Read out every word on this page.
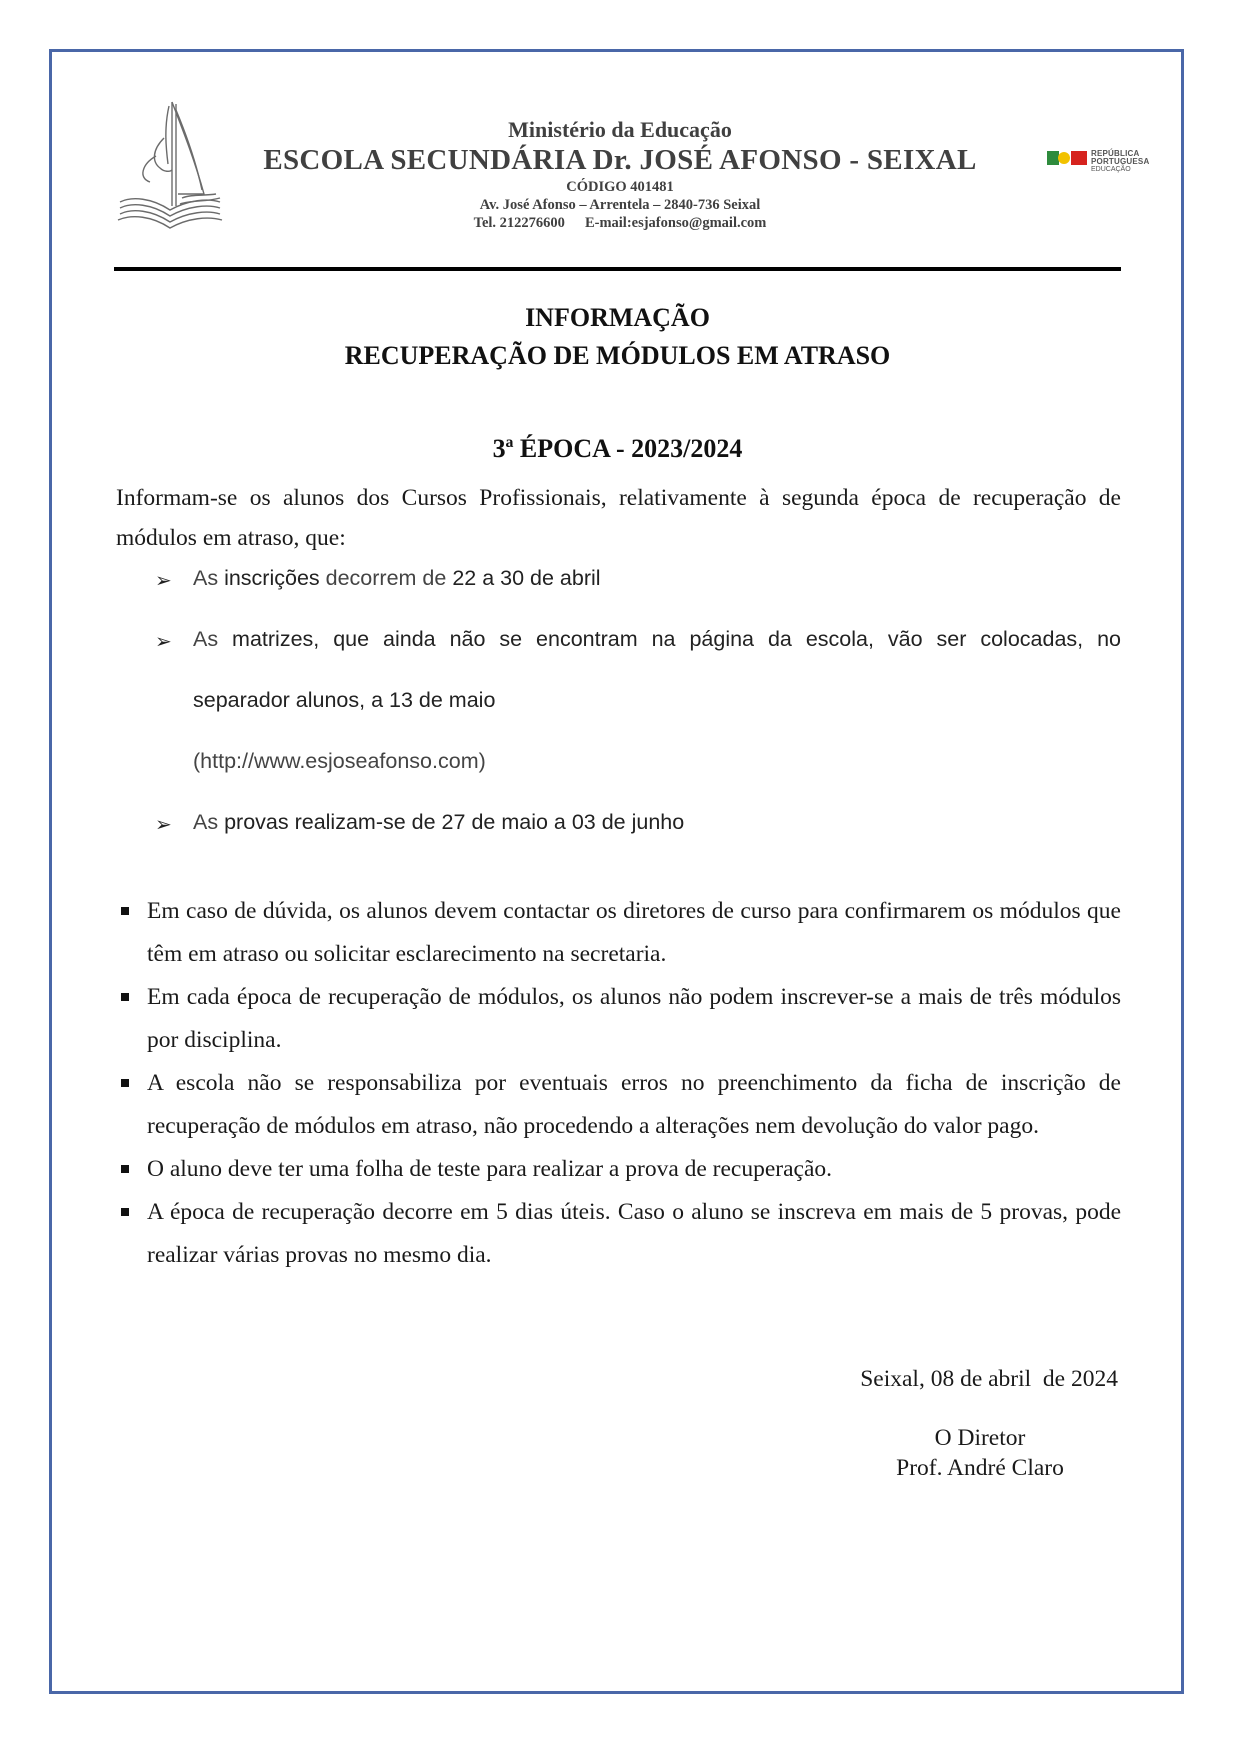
Ministério da Educação
ESCOLA SECUNDÁRIA Dr. JOSÉ AFONSO - SEIXAL
CÓDIGO 401481
Av. José Afonso – Arrentela – 2840-736 Seixal
Tel. 212276600 E-mail:esjafonso@gmail.com
REPÚBLICA
PORTUGUESA
EDUCAÇÃO
INFORMAÇÃO
RECUPERAÇÃO DE MÓDULOS EM ATRASO
3ª ÉPOCA - 2023/2024
Informam-se os alunos dos Cursos Profissionais, relativamente à segunda época de recuperação de módulos em atraso, que:
➢ As inscrições decorrem de 22 a 30 de abril
➢ As matrizes, que ainda não se encontram na página da escola, vão ser colocadas, no
separador alunos, a 13 de maio
(http://www.esjoseafonso.com)
➢ As provas realizam-se de 27 de maio a 03 de junho
Em caso de dúvida, os alunos devem contactar os diretores de curso para confirmarem os módulos que têm em atraso ou solicitar esclarecimento na secretaria.
Em cada época de recuperação de módulos, os alunos não podem inscrever-se a mais de três módulos por disciplina.
A escola não se responsabiliza por eventuais erros no preenchimento da ficha de inscrição de recuperação de módulos em atraso, não procedendo a alterações nem devolução do valor pago.
O aluno deve ter uma folha de teste para realizar a prova de recuperação.
A época de recuperação decorre em 5 dias úteis. Caso o aluno se inscreva em mais de 5 provas, pode realizar várias provas no mesmo dia.
Seixal, 08 de abril  de 2024
O Diretor
Prof. André Claro
